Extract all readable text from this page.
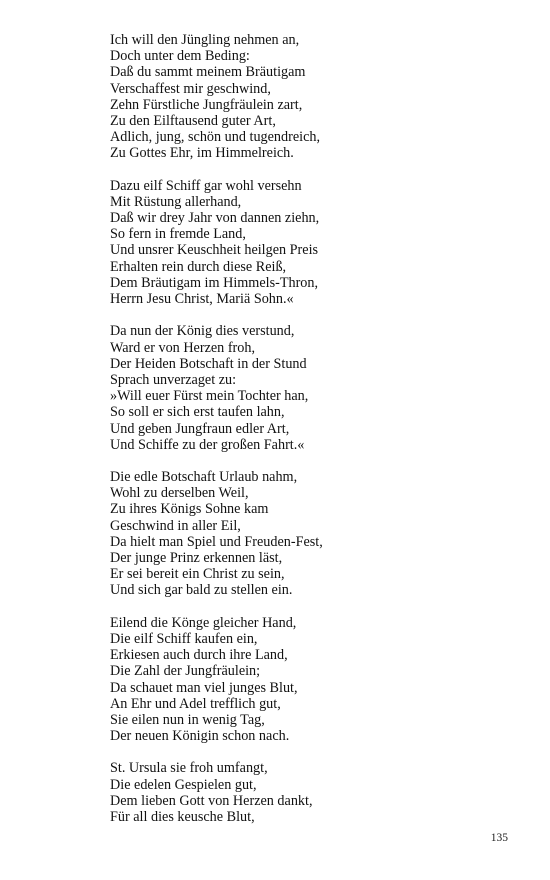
Ich will den Jüngling nehmen an,
Doch unter dem Beding:
Daß du sammt meinem Bräutigam
Verschaffest mir geschwind,
Zehn Fürstliche Jungfräulein zart,
Zu den Eilftausend guter Art,
Adlich, jung, schön und tugendreich,
Zu Gottes Ehr, im Himmelreich.
Dazu eilf Schiff gar wohl versehn
Mit Rüstung allerhand,
Daß wir drey Jahr von dannen ziehn,
So fern in fremde Land,
Und unsrer Keuschheit heilgen Preis
Erhalten rein durch diese Reiß,
Dem Bräutigam im Himmels-Thron,
Herrn Jesu Christ, Mariä Sohn.«
Da nun der König dies verstund,
Ward er von Herzen froh,
Der Heiden Botschaft in der Stund
Sprach unverzaget zu:
»Will euer Fürst mein Tochter han,
So soll er sich erst taufen lahn,
Und geben Jungfraun edler Art,
Und Schiffe zu der großen Fahrt.«
Die edle Botschaft Urlaub nahm,
Wohl zu derselben Weil,
Zu ihres Königs Sohne kam
Geschwind in aller Eil,
Da hielt man Spiel und Freuden-Fest,
Der junge Prinz erkennen läst,
Er sei bereit ein Christ zu sein,
Und sich gar bald zu stellen ein.
Eilend die Könge gleicher Hand,
Die eilf Schiff kaufen ein,
Erkiesen auch durch ihre Land,
Die Zahl der Jungfräulein;
Da schauet man viel junges Blut,
An Ehr und Adel trefflich gut,
Sie eilen nun in wenig Tag,
Der neuen Königin schon nach.
St. Ursula sie froh umfangt,
Die edelen Gespielen gut,
Dem lieben Gott von Herzen dankt,
Für all dies keusche Blut,
135
